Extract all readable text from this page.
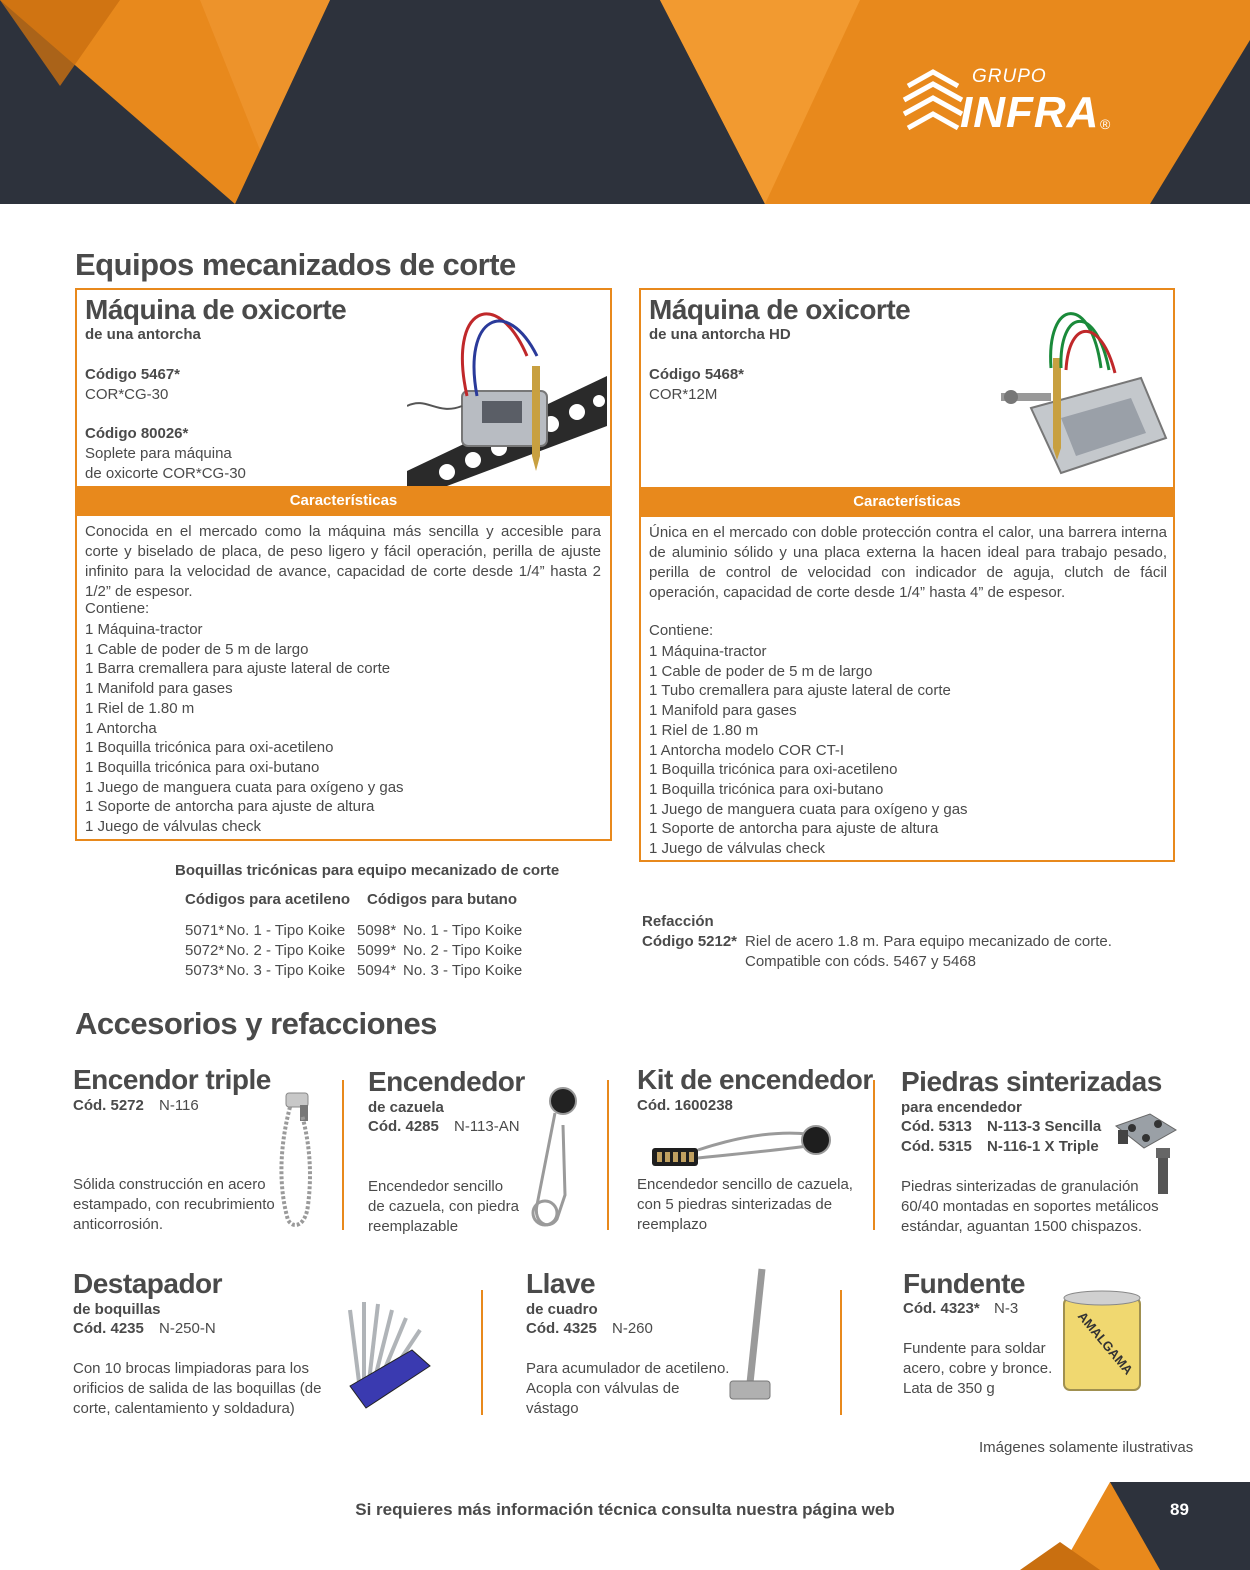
GRUPO
INFRA ®
Equipos mecanizados de corte
Máquina de oxicorte
de una antorcha
Código 5467*
COR*CG-30
Código 80026*
Soplete para máquina
de oxicorte COR*CG-30
Características
Conocida en el mercado como la máquina más sencilla y accesible para corte y biselado de placa, de peso ligero y fácil operación, perilla de ajuste infinito para la velocidad de avance, capacidad de corte desde 1/4” hasta 2 1/2” de espesor.
Contiene:
1 Máquina-tractor
1 Cable de poder de 5 m de largo
1 Barra cremallera para ajuste lateral de corte
1 Manifold para gases
1 Riel de 1.80 m
1 Antorcha
1 Boquilla tricónica para oxi-acetileno
1 Boquilla tricónica para oxi-butano
1 Juego de manguera cuata para oxígeno y gas
1 Soporte de antorcha para ajuste de altura
1 Juego de válvulas check
Máquina de oxicorte
de una antorcha HD
Código 5468*
COR*12M
Características
Única en el mercado con doble protección contra el calor, una barrera interna de aluminio sólido y una placa externa la hacen ideal para trabajo pesado, perilla de control de velocidad con indicador de aguja, clutch de fácil operación, capacidad de corte desde 1/4” hasta 4” de espesor.
Contiene:
1 Máquina-tractor
1 Cable de poder de 5 m de largo
1 Tubo cremallera para ajuste lateral de corte
1 Manifold para gases
1 Riel de 1.80 m
1 Antorcha modelo COR CT-I
1 Boquilla tricónica para oxi-acetileno
1 Boquilla tricónica para oxi-butano
1 Juego de manguera cuata para oxígeno y gas
1 Soporte de antorcha para ajuste de altura
1 Juego de válvulas check
Boquillas tricónicas para equipo mecanizado de corte
Códigos para acetileno Códigos para butano
5071* No. 1 - Tipo Koike
5072* No. 2 - Tipo Koike
5073* No. 3 - Tipo Koike
5098* No. 1 - Tipo Koike
5099* No. 2 - Tipo Koike
5094* No. 3 - Tipo Koike
Refacción
Código 5212* Riel de acero 1.8 m. Para equipo mecanizado de corte.
Compatible con códs. 5467 y 5468
Accesorios y refacciones
Encendor triple
Cód. 5272 N-116
Sólida construcción en acero
estampado, con recubrimiento
anticorrosión.
Encendedor
de cazuela
Cód. 4285 N-113-AN
Encendedor sencillo
de cazuela, con piedra
reemplazable
Kit de encendedor
Cód. 1600238
Encendedor sencillo de cazuela,
con 5 piedras sinterizadas de
reemplazo
Piedras sinterizadas
para encendedor
Cód. 5313 N-113-3 Sencilla
Cód. 5315 N-116-1 X Triple
Piedras sinterizadas de granulación
60/40 montadas en soportes metálicos
estándar, aguantan 1500 chispazos.
Destapador
de boquillas
Cód. 4235 N-250-N
Con 10 brocas limpiadoras para los
orificios de salida de las boquillas (de
corte, calentamiento y soldadura)
Llave
de cuadro
Cód. 4325 N-260
Para acumulador de acetileno.
Acopla con válvulas de
vástago
Fundente
Cód. 4323* N-3
Fundente para soldar
acero, cobre y bronce.
Lata de 350 g
AMALGAMA
Imágenes solamente ilustrativas
Si requieres más información técnica consulta nuestra página web	89
